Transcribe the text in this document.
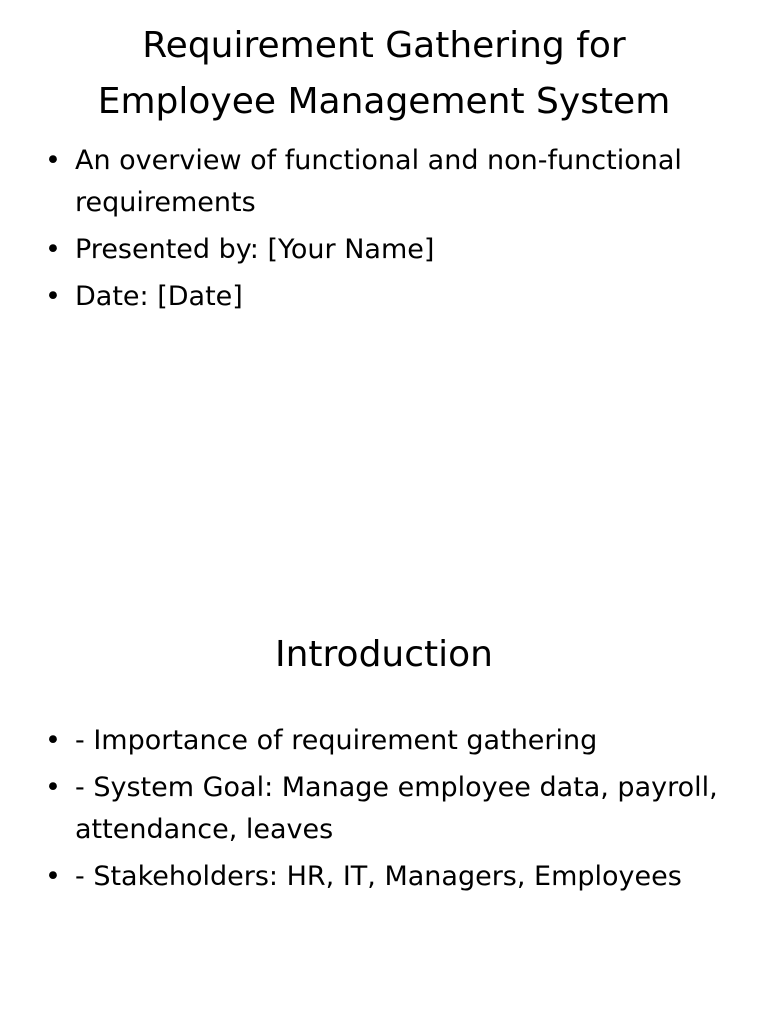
Requirement Gathering for
Employee Management System
• An overview of functional and non-functional requirements
• Presented by: [Your Name]
• Date: [Date]
Introduction
• - Importance of requirement gathering
• - System Goal: Manage employee data, payroll, attendance, leaves
• - Stakeholders: HR, IT, Managers, Employees
